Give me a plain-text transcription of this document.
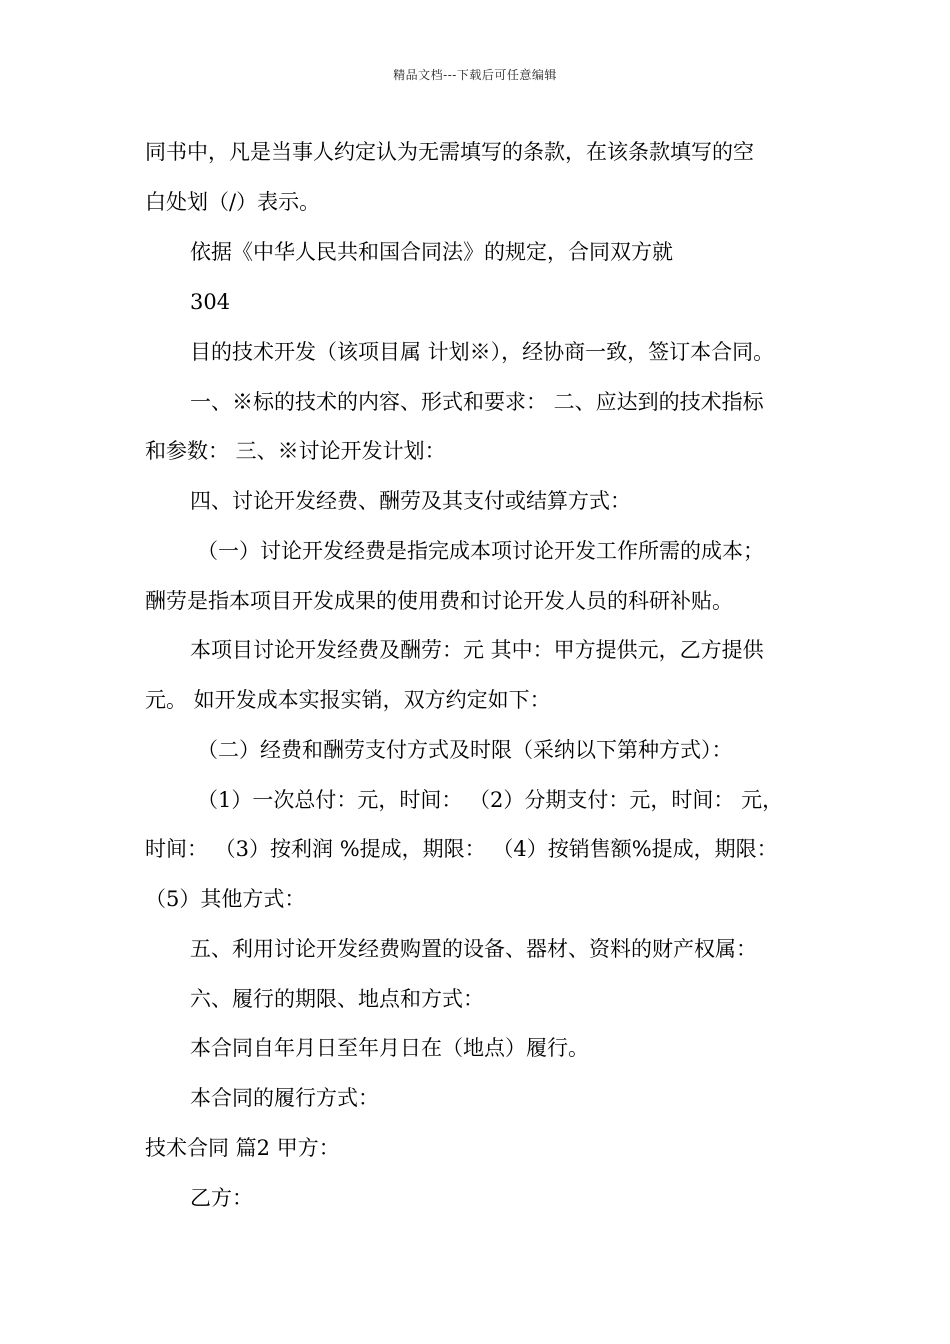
精品文档---下载后可任意编辑
同书中，凡是当事人约定认为无需填写的条款，在该条款填写的空
白处划（/）表示。
依据《中华人民共和国合同法》的规定，合同双方就
304
目的技术开发（该项目属 计划※），经协商一致，签订本合同。
一、※标的技术的内容、形式和要求： 二、应达到的技术指标
和参数： 三、※讨论开发计划：
四、讨论开发经费、酬劳及其支付或结算方式：
（一）讨论开发经费是指完成本项讨论开发工作所需的成本；
酬劳是指本项目开发成果的使用费和讨论开发人员的科研补贴。
本项目讨论开发经费及酬劳：元 其中：甲方提供元，乙方提供
元。 如开发成本实报实销，双方约定如下：
（二）经费和酬劳支付方式及时限（采纳以下第种方式）：
（1）一次总付：元，时间： （2）分期支付：元，时间： 元，
时间： （3）按利润 %提成，期限： （4）按销售额%提成，期限：
（5）其他方式：
五、利用讨论开发经费购置的设备、器材、资料的财产权属：
六、履行的期限、地点和方式：
本合同自年月日至年月日在（地点）履行。
本合同的履行方式：
技术合同 篇2 甲方：
乙方：
